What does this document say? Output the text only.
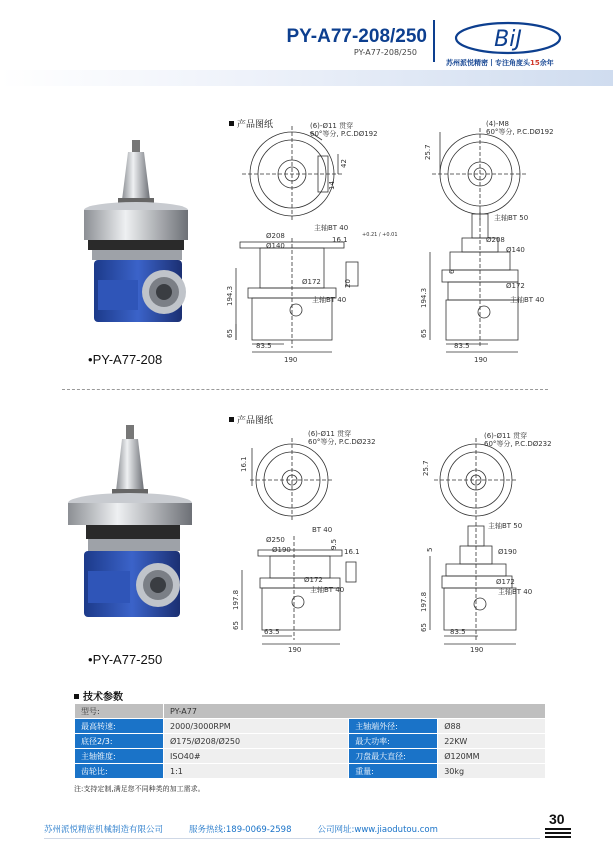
PY-A77-208/250
PY-A77-208/250
BiJ
苏州派悦精密丨专注角度头15余年
•PY-A77-208
产品图纸	(6)-Ø11 贯穿
60°等分, P.C.DØ192
42
14
主轴BT 40
Ø208
Ø140
16.1
+0.21 / +0.01
Ø172
主轴BT 40
194.3
65
20
83.5
190
(4)-M8
60°等分, P.C.DØ192
25.7
主轴BT 50
Ø208
Ø140
Ø172
主轴BT 40
194.3
65
6
83.5
190
•PY-A77-250
产品图纸
(6)-Ø11 贯穿
60°等分, P.C.DØ232
16.1
BT 40
Ø250
Ø190	9.5
16.1
Ø172
主轴BT 40
197.8
65
63.5
190
(6)-Ø11 贯穿
60°等分, P.C.DØ232
25.7
主轴BT 50
Ø190
5
Ø172
主轴BT 40
197.8
65	83.5
190
技术参数
型号:	PY-A77		
最高转速:	2000/3000RPM	主轴端外径:	Ø88
底径2/3:	Ø175/Ø208/Ø250	最大功率:	22KW
主轴锥度:	ISO40#	刀盘最大直径:	Ø120MM
齿轮比:	1:1	重量:	30kg
注:支持定制,满足您不同种类的加工需求。
苏州派悦精密机械制造有限公司	服务热线:189-0069-2598	公司网址:www.jiaodutou.com
30
